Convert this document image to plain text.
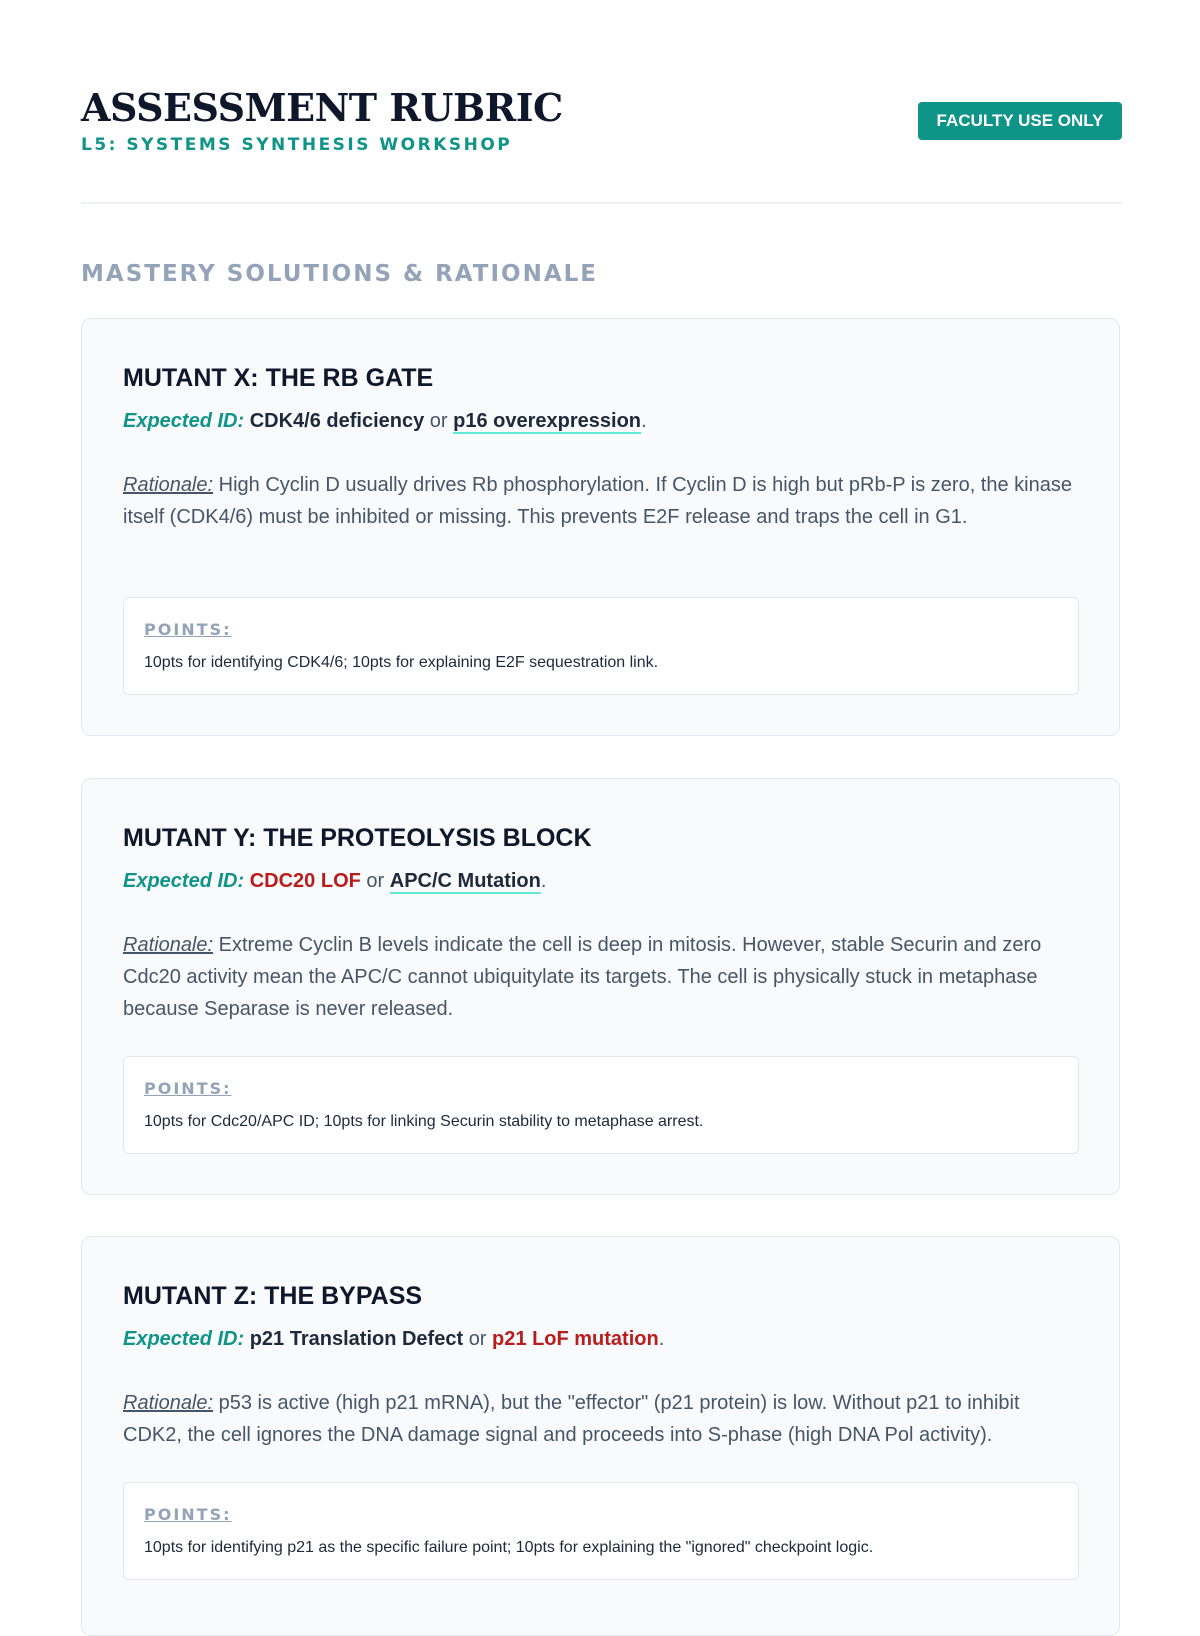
ASSESSMENT RUBRIC
L5: SYSTEMS SYNTHESIS WORKSHOP
FACULTY USE ONLY
MASTERY SOLUTIONS & RATIONALE
MUTANT X: THE RB GATE

Expected ID: CDK4/6 deficiency or p16 overexpression.

Rationale: High Cyclin D usually drives Rb phosphorylation. If Cyclin D is high but pRb-P is zero, the kinase itself (CDK4/6) must be inhibited or missing. This prevents E2F release and traps the cell in G1.

POINTS:
10pts for identifying CDK4/6; 10pts for explaining E2F sequestration link.
MUTANT Y: THE PROTEOLYSIS BLOCK

Expected ID: CDC20 LOF or APC/C Mutation.

Rationale: Extreme Cyclin B levels indicate the cell is deep in mitosis. However, stable Securin and zero Cdc20 activity mean the APC/C cannot ubiquitylate its targets. The cell is physically stuck in metaphase because Separase is never released.

POINTS:
10pts for Cdc20/APC ID; 10pts for linking Securin stability to metaphase arrest.
MUTANT Z: THE BYPASS

Expected ID: p21 Translation Defect or p21 LoF mutation.

Rationale: p53 is active (high p21 mRNA), but the "effector" (p21 protein) is low. Without p21 to inhibit CDK2, the cell ignores the DNA damage signal and proceeds into S-phase (high DNA Pol activity).

POINTS:
10pts for identifying p21 as the specific failure point; 10pts for explaining the "ignored" checkpoint logic.
